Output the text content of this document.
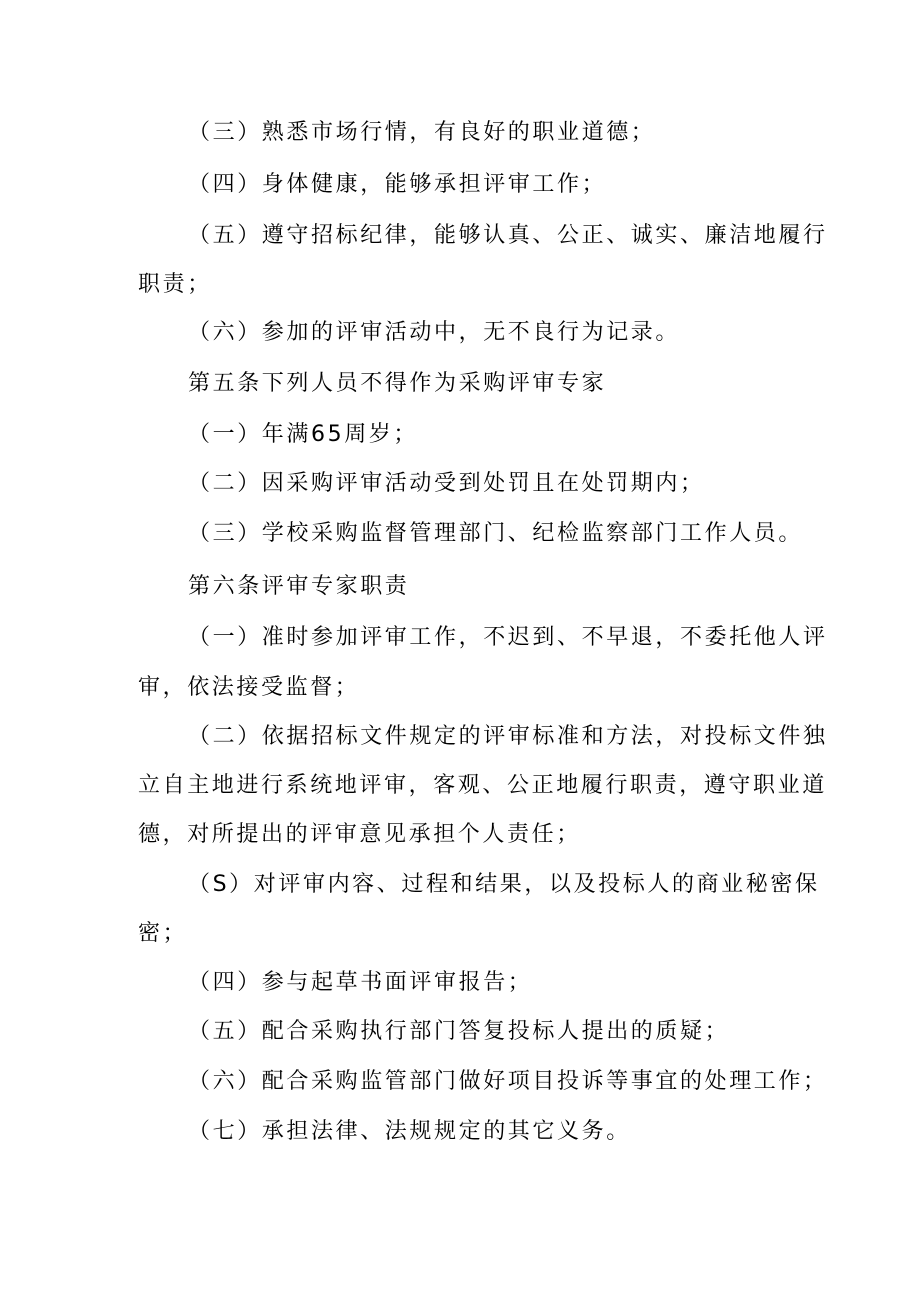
（三）熟悉市场行情，有良好的职业道德；
（四）身体健康，能够承担评审工作；
（五）遵守招标纪律，能够认真、公正、诚实、廉洁地履行
职责；
（六）参加的评审活动中，无不良行为记录。
第五条下列人员不得作为采购评审专家
（一）年满65周岁；
（二）因采购评审活动受到处罚且在处罚期内；
（三）学校采购监督管理部门、纪检监察部门工作人员。
第六条评审专家职责
（一）准时参加评审工作，不迟到、不早退，不委托他人评
审，依法接受监督；
（二）依据招标文件规定的评审标准和方法，对投标文件独
立自主地进行系统地评审，客观、公正地履行职责，遵守职业道
德，对所提出的评审意见承担个人责任；
（S）对评审内容、过程和结果，以及投标人的商业秘密保
密；
（四）参与起草书面评审报告；
（五）配合采购执行部门答复投标人提出的质疑；
（六）配合采购监管部门做好项目投诉等事宜的处理工作；
（七）承担法律、法规规定的其它义务。
